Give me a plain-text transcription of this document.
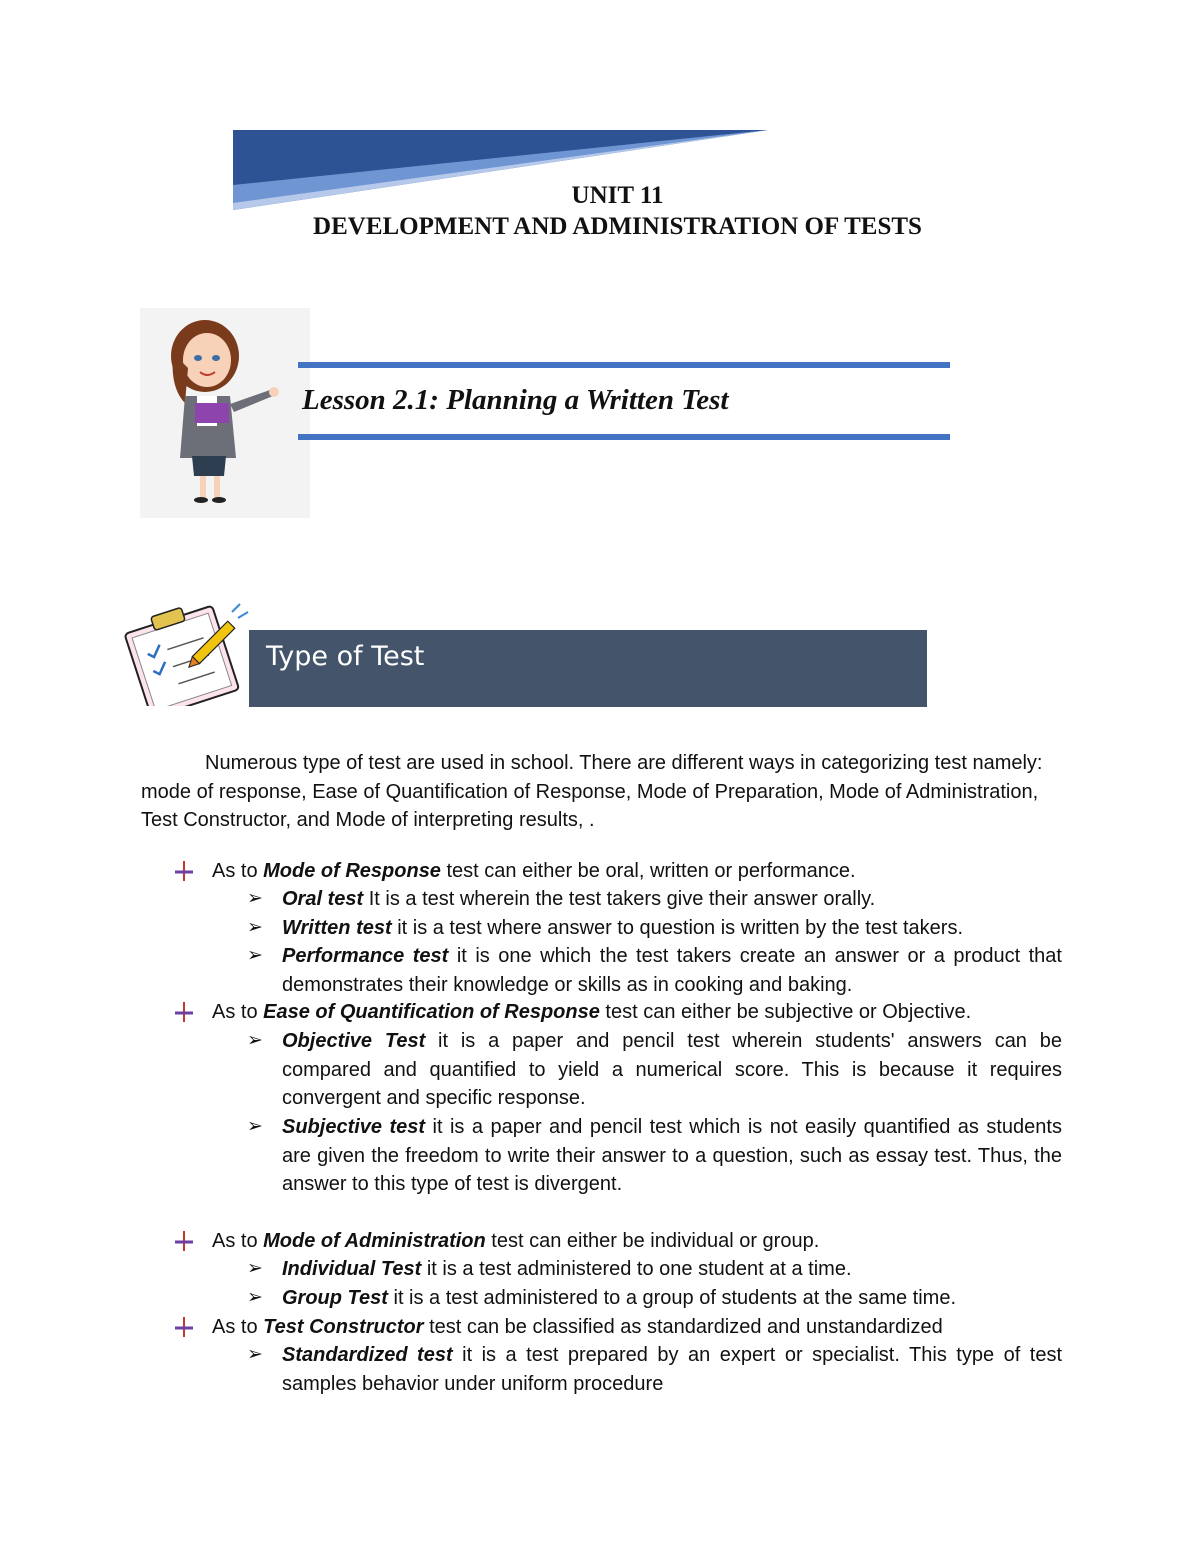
UNIT 11
DEVELOPMENT AND ADMINISTRATION OF TESTS
Lesson 2.1: Planning a Written Test
Type of Test
Numerous type of test are used in school. There are different ways in categorizing test namely: mode of response, Ease of Quantification of Response, Mode of Preparation, Mode of Administration, Test Constructor, and Mode of interpreting results, .
As to Mode of Response test can either be oral, written or performance.
➢ Oral test It is a test wherein the test takers give their answer orally.
➢ Written test it is a test where answer to question is written by the test takers.
➢ Performance test it is one which the test takers create an answer or a product that demonstrates their knowledge or skills as in cooking and baking.
As to Ease of Quantification of Response test can either be subjective or Objective.
➢ Objective Test it is a paper and pencil test wherein students' answers can be compared and quantified to yield a numerical score. This is because it requires convergent and specific response.
➢ Subjective test it is a paper and pencil test which is not easily quantified as students are given the freedom to write their answer to a question, such as essay test. Thus, the answer to this type of test is divergent.
As to Mode of Administration test can either be individual or group.
➢ Individual Test it is a test administered to one student at a time.
➢ Group Test it is a test administered to a group of students at the same time.
As to Test Constructor test can be classified as standardized and unstandardized
➢ Standardized test it is a test prepared by an expert or specialist. This type of test samples behavior under uniform procedure
